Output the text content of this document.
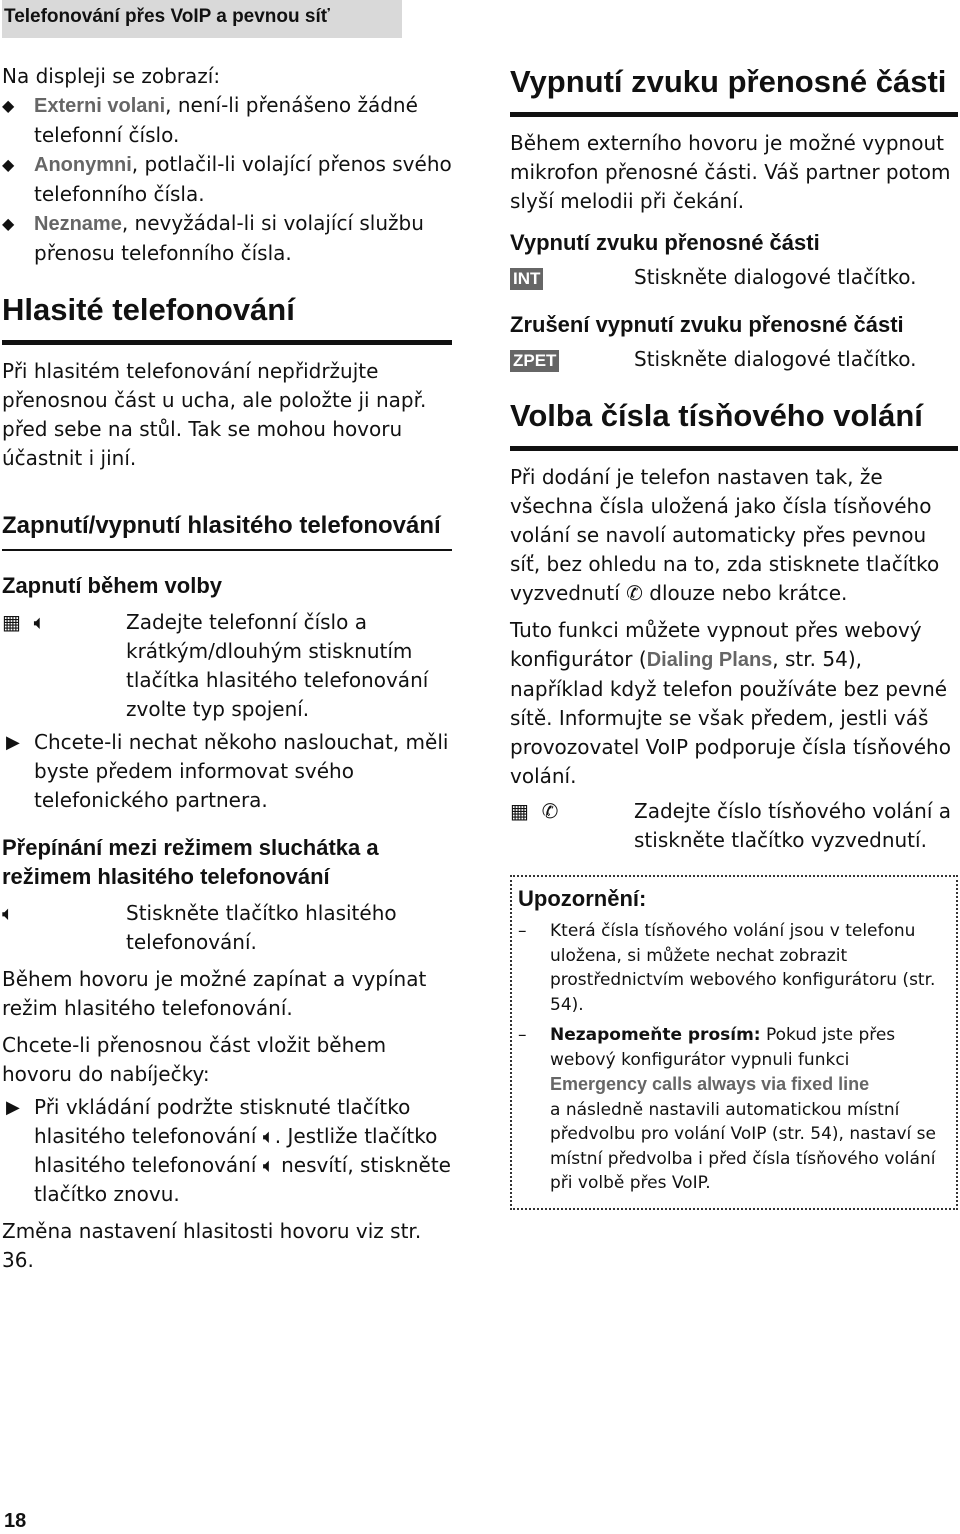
Telefonování přes VoIP a pevnou síť

Na displeji se zobrazí:

◆ Externi volani, není-li přenášeno žádné telefonní číslo.
◆ Anonymni, potlačil-li volající přenos svého telefonního čísla.
◆ Nezname, nevyžádal-li si volající službu přenosu telefonního čísla.
Hlasité telefonování

Při hlasitém telefonování nepřidržujte přenosnou část u ucha, ale položte ji např. před sebe na stůl. Tak se mohou hovoru účastnit i jiní.

Zapnutí/vypnutí hlasitého telefonování
Zapnutí během volby
▦  🔈︎	Zadejte telefonní číslo a krátkým/dlouhým stisknutím tlačítka hlasitého telefonování zvolte typ spojení.
▶ Chcete-li nechat někoho naslouchat, měli byste předem informovat svého telefonického partnera.
Přepínání mezi režimem sluchátka a režimem hlasitého telefonování
🔈︎	Stiskněte tlačítko hlasitého telefonování.

Během hovoru je možné zapínat a vypínat režim hlasitého telefonování.

Chcete-li přenosnou část vložit během hovoru do nabíječky:

▶ Při vkládání podržte stisknuté tlačítko hlasitého telefonování 🔈︎. Jestliže tlačítko hlasitého telefonování 🔈︎ nesvítí, stiskněte tlačítko znovu.

Změna nastavení hlasitosti hovoru viz str. 36.

Vypnutí zvuku přenosné části

Během externího hovoru je možné vypnout mikrofon přenosné části. Váš partner potom slyší melodii při čekání.

Vypnutí zvuku přenosné části
INT	Stiskněte dialogové tlačítko.
Zrušení vypnutí zvuku přenosné části
ZPET	Stiskněte dialogové tlačítko.
Volba čísla tísňového volání

Při dodání je telefon nastaven tak, že všechna čísla uložená jako čísla tísňového volání se navolí automaticky přes pevnou síť, bez ohledu na to, zda stisknete tlačítko vyzvednutí ✆ dlouze nebo krátce.

Tuto funkci můžete vypnout přes webový konfigurátor (Dialing Plans, str. 54), například když telefon používáte bez pevné sítě. Informujte se však předem, jestli váš provozovatel VoIP podporuje čísla tísňového volání.

▦  ✆	Zadejte číslo tísňového volání a stiskněte tlačítko vyzvednutí.
Upozornění:
– Která čísla tísňového volání jsou v telefonu uložena, si můžete nechat zobrazit prostřednictvím webového konfigurátoru (str. 54).
– Nezapomeňte prosím: Pokud jste přes webový konfigurátor vypnuli funkci
Emergency calls always via fixed line
a následně nastavili automatickou místní předvolbu pro volání VoIP (str. 54), nastaví se místní předvolba i před čísla tísňového volání při volbě přes VoIP.
18
